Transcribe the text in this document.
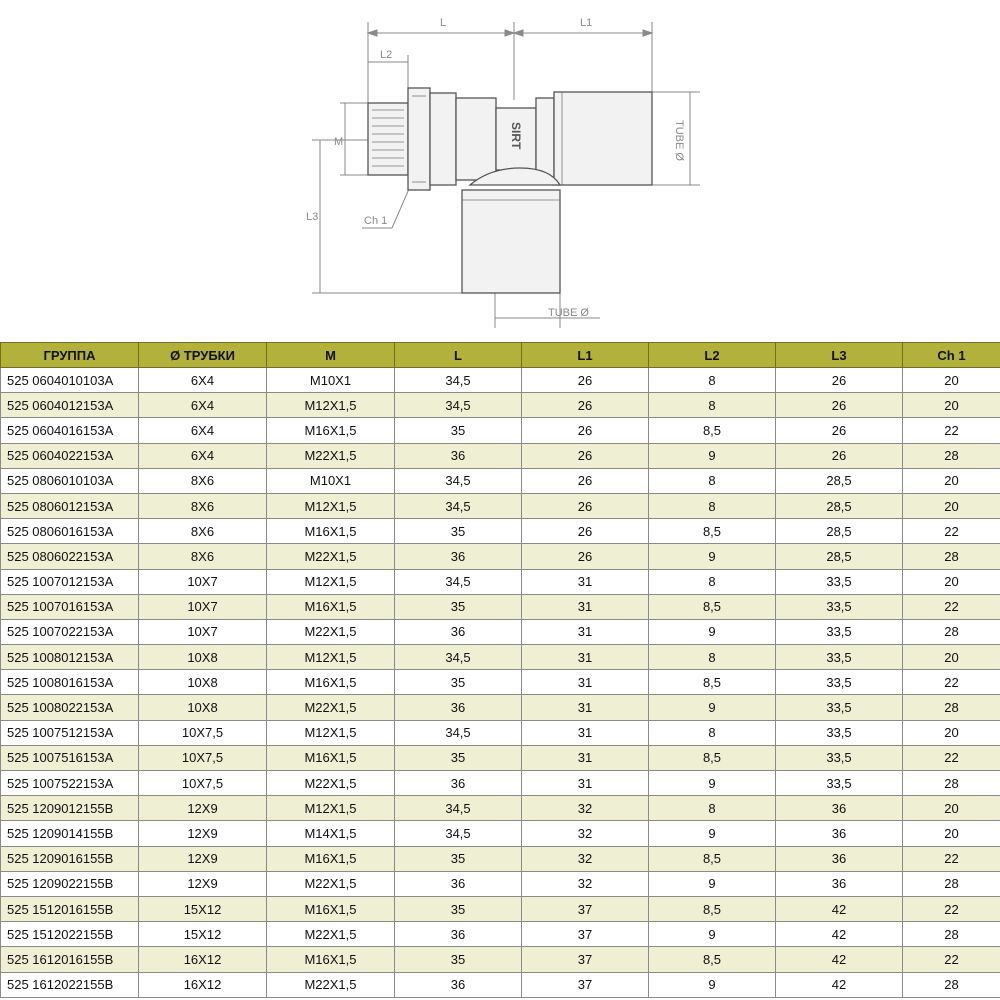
L	L1
L2
M
L3	Ch 1
SIRT	TUBE Ø
TUBE Ø
ГРУППА	Ø ТРУБКИ	M	L	L1	L2	L3	Ch 1
525 0604010103A	6X4	M10X1	34,5	26	8	26	20
525 0604012153A	6X4	M12X1,5	34,5	26	8	26	20
525 0604016153A	6X4	M16X1,5	35	26	8,5	26	22
525 0604022153A	6X4	M22X1,5	36	26	9	26	28
525 0806010103A	8X6	M10X1	34,5	26	8	28,5	20
525 0806012153A	8X6	M12X1,5	34,5	26	8	28,5	20
525 0806016153A	8X6	M16X1,5	35	26	8,5	28,5	22
525 0806022153A	8X6	M22X1,5	36	26	9	28,5	28
525 1007012153A	10X7	M12X1,5	34,5	31	8	33,5	20
525 1007016153A	10X7	M16X1,5	35	31	8,5	33,5	22
525 1007022153A	10X7	M22X1,5	36	31	9	33,5	28
525 1008012153A	10X8	M12X1,5	34,5	31	8	33,5	20
525 1008016153A	10X8	M16X1,5	35	31	8,5	33,5	22
525 1008022153A	10X8	M22X1,5	36	31	9	33,5	28
525 1007512153A	10X7,5	M12X1,5	34,5	31	8	33,5	20
525 1007516153A	10X7,5	M16X1,5	35	31	8,5	33,5	22
525 1007522153A	10X7,5	M22X1,5	36	31	9	33,5	28
525 1209012155B	12X9	M12X1,5	34,5	32	8	36	20
525 1209014155B	12X9	M14X1,5	34,5	32	9	36	20
525 1209016155B	12X9	M16X1,5	35	32	8,5	36	22
525 1209022155B	12X9	M22X1,5	36	32	9	36	28
525 1512016155B	15X12	M16X1,5	35	37	8,5	42	22
525 1512022155B	15X12	M22X1,5	36	37	9	42	28
525 1612016155B	16X12	M16X1,5	35	37	8,5	42	22
525 1612022155B	16X12	M22X1,5	36	37	9	42	28
